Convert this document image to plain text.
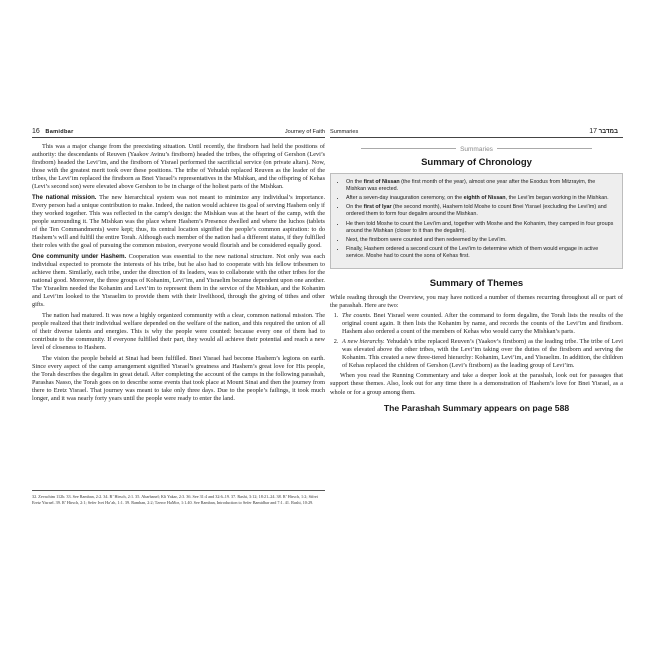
16 Bamidbar	Journey of Faith

This was a major change from the preexisting situation. Until recently, the firstborn had held the positions of authority: the descendants of Reuven (Yaakov Avinu’s firstborn) headed the tribes, the offspring of Gershon (Levi’s firstborn) headed the Levi’im, and the firstborn of Yisrael performed the sacrificial service (on private altars). Now, those with the greatest merit took over these positions. The tribe of Yehudah replaced Reuven as the leader of the tribes, the Levi’im replaced the firstborn as Bnei Yisrael’s representatives in the Mishkan, and the offspring of Kehas (Levi’s second son) were elevated above Gershon to be in charge of the holiest parts of the Mishkan.

The national mission. The new hierarchical system was not meant to minimize any individual’s importance. Every person had a unique contribution to make. Indeed, the nation would achieve its goal of serving Hashem only if they worked together. This was reflected in the camp’s design: the Mishkan was at the heart of the camp, with the people surrounding it. The Mishkan was the place where Hashem’s Presence dwelled and where the luchos (tablets of the Ten Commandments) were kept; thus, its central location signified the people’s common aspiration: to do Hashem’s will and fulfill the entire Torah. Although each member of the nation had a different status, if they fulfilled their roles with the goal of pursuing the common mission, everyone would flourish and be considered equally good.

One community under Hashem. Cooperation was essential to the new national structure. Not only was each individual expected to promote the interests of his tribe, but he also had to cooperate with his fellow tribesmen to achieve them. Similarly, each tribe, under the direction of its leaders, was to collaborate with the other tribes for the national good. Moreover, the three groups of Kohanim, Levi’im, and Yisraelim became dependent upon one another. The Yisraelim needed the Kohanim and Levi’im to represent them in the service of the Mishkan, and the Kohanim and Levi’im looked to the Yisraelim to provide them with their livelihood, through the giving of tithes and other gifts.

The nation had matured. It was now a highly organized community with a clear, common national mission. The people realized that their individual welfare depended on the welfare of the nation, and this required the union of all of their diverse talents and energies. This is why the people were counted: because every one of them had to contribute to the community. If everyone fulfilled their part, they would all achieve their potential and reach a new level of closeness to Hashem.

The vision the people beheld at Sinai had been fulfilled. Bnei Yisrael had become Hashem’s legions on earth. Since every aspect of the camp arrangement signified Yisrael’s greatness and Hashem’s great love for His people, the Torah describes the degalim in great detail. After completing the account of the camps in the following parashah, Parashas Nasso, the Torah goes on to describe some events that took place at Mount Sinai and then the journey from there to Eretz Yisrael. That journey was meant to take only three days. Due to the people’s failings, it took much longer, and it was nearly forty years until the people were ready to enter the land.

32. Zevachim 112b. 33. See Ramban, 2:2. 34. R’ Hirsch, 2:1. 35. Abarbanel; Kli Yakar, 2:3. 36. See 31:4 and 32:6–19. 37. Rashi, 3:12; 18:21–24. 38. R’ Hirsch, 1:2; Sifrei Eretz Yisrael. 39. R’ Hirsch, 2:1; Sefer Ivei Ha’ah, 1:1. 39. Ramban, 2:2; Tzeror HaMor, 1:1.40. See Ramban, Introduction to Sefer Bamidbar and 7:1. 41. Rashi, 10:29.
Summaries	במדבר 17
Summaries
Summary of Chronology
• On the first of Nissan (the first month of the year), almost one year after the Exodus from Mitzrayim, the Mishkan was erected.
• After a seven-day inauguration ceremony, on the eighth of Nissan, the Levi’im began working in the Mishkan.
• On the first of Iyar (the second month), Hashem told Moshe to count Bnei Yisrael (excluding the Levi’im) and ordered them to form four degalim around the Mishkan.
• He then told Moshe to count the Levi’im and, together with Moshe and the Kohanim, they camped in four groups around the Mishkan (closer to it than the degalim).
• Next, the firstborn were counted and then redeemed by the Levi’im.
• Finally, Hashem ordered a second count of the Levi’im to determine which of them would engage in active service. Moshe had to count the sons of Kehas first.
Summary of Themes
While reading through the Overview, you may have noticed a number of themes recurring throughout all or part of the parashah. Here are two:
1. The counts. Bnei Yisrael were counted. After the command to form degalim, the Torah lists the results of the original count again. It then lists the Kohanim by name, and records the counts of the Levi’im and firstborn. Hashem also ordered a count of the members of Kehas who would carry the Mishkan’s parts.
2. A new hierarchy. Yehudah’s tribe replaced Reuven’s (Yaakov’s firstborn) as the leading tribe. The tribe of Levi was elevated above the other tribes, with the Levi’im taking over the duties of the firstborn and serving the Kohanim. This created a new three-tiered hierarchy: Kohanim, Levi’im, and Yisraelim. In addition, the children of Kehas replaced the children of Gershon (Levi’s firstborn) as the leading group of Levi’im.

When you read the Running Commentary and take a deeper look at the parashah, look out for passages that support these themes. Also, look out for any time there is a demonstration of Hashem’s love for Bnei Yisrael, as a whole or for a group among them.

The Parashah Summary appears on page 588
